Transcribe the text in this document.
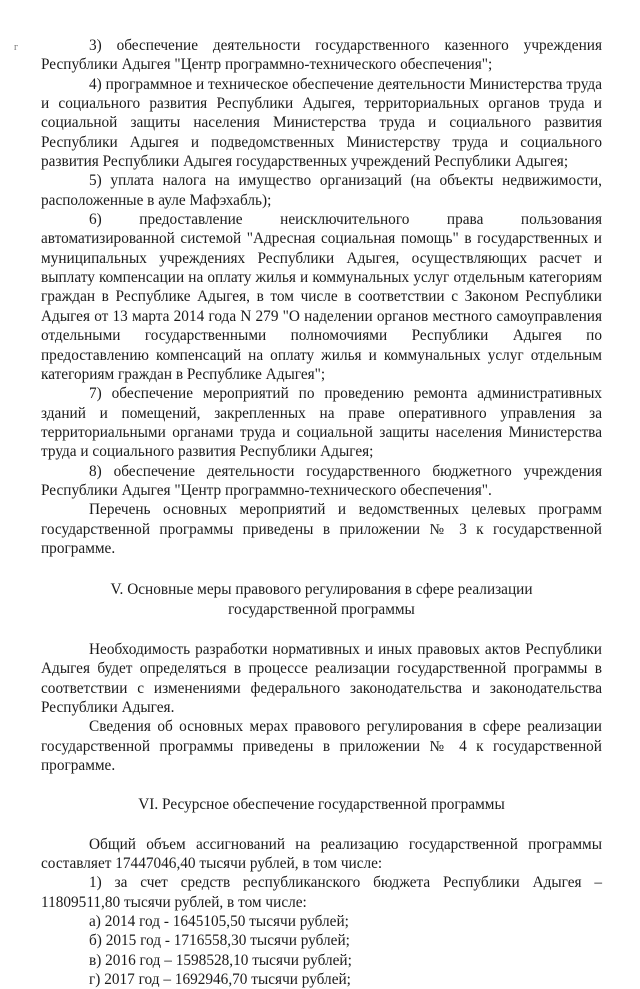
г	3) обеспечение деятельности государственного казенного учреждения Республики Адыгея "Центр программно-технического обеспечения";

4) программное и техническое обеспечение деятельности Министерства труда и социального развития Республики Адыгея, территориальных органов труда и социальной защиты населения Министерства труда и социального развития Республики Адыгея и подведомственных Министерству труда и социального развития Республики Адыгея государственных учреждений Республики Адыгея;

5) уплата налога на имущество организаций (на объекты недвижимости, расположенные в ауле Мафэхабль);

6) предоставление неисключительного права пользования автоматизированной системой "Адресная социальная помощь" в государственных и муниципальных учреждениях Республики Адыгея, осуществляющих расчет и выплату компенсации на оплату жилья и коммунальных услуг отдельным категориям граждан в Республике Адыгея, в том числе в соответствии с Законом Республики Адыгея от 13 марта 2014 года N 279 "О наделении органов местного самоуправления отдельными государственными полномочиями Республики Адыгея по предоставлению компенсаций на оплату жилья и коммунальных услуг отдельным категориям граждан в Республике Адыгея";

7) обеспечение мероприятий по проведению ремонта административных зданий и помещений, закрепленных на праве оперативного управления за территориальными органами труда и социальной защиты населения Министерства труда и социального развития Республики Адыгея;

8) обеспечение деятельности государственного бюджетного учреждения Республики Адыгея "Центр программно-технического обеспечения".

Перечень основных мероприятий и ведомственных целевых программ государственной программы приведены в приложении № 3 к государственной программе.

V. Основные меры правового регулирования в сфере реализации государственной программы

Необходимость разработки нормативных и иных правовых актов Республики Адыгея будет определяться в процессе реализации государственной программы в соответствии с изменениями федерального законодательства и законодательства Республики Адыгея.

Сведения об основных мерах правового регулирования в сфере реализации государственной программы приведены в приложении № 4 к государственной программе.

VI. Ресурсное обеспечение государственной программы

Общий объем ассигнований на реализацию государственной программы составляет 17447046,40 тысячи рублей, в том числе:

1) за счет средств республиканского бюджета Республики Адыгея – 11809511,80 тысячи рублей, в том числе:

а) 2014 год - 1645105,50 тысячи рублей;

б) 2015 год - 1716558,30 тысячи рублей;

в) 2016 год – 1598528,10 тысячи рублей;

г) 2017 год – 1692946,70 тысячи рублей;
